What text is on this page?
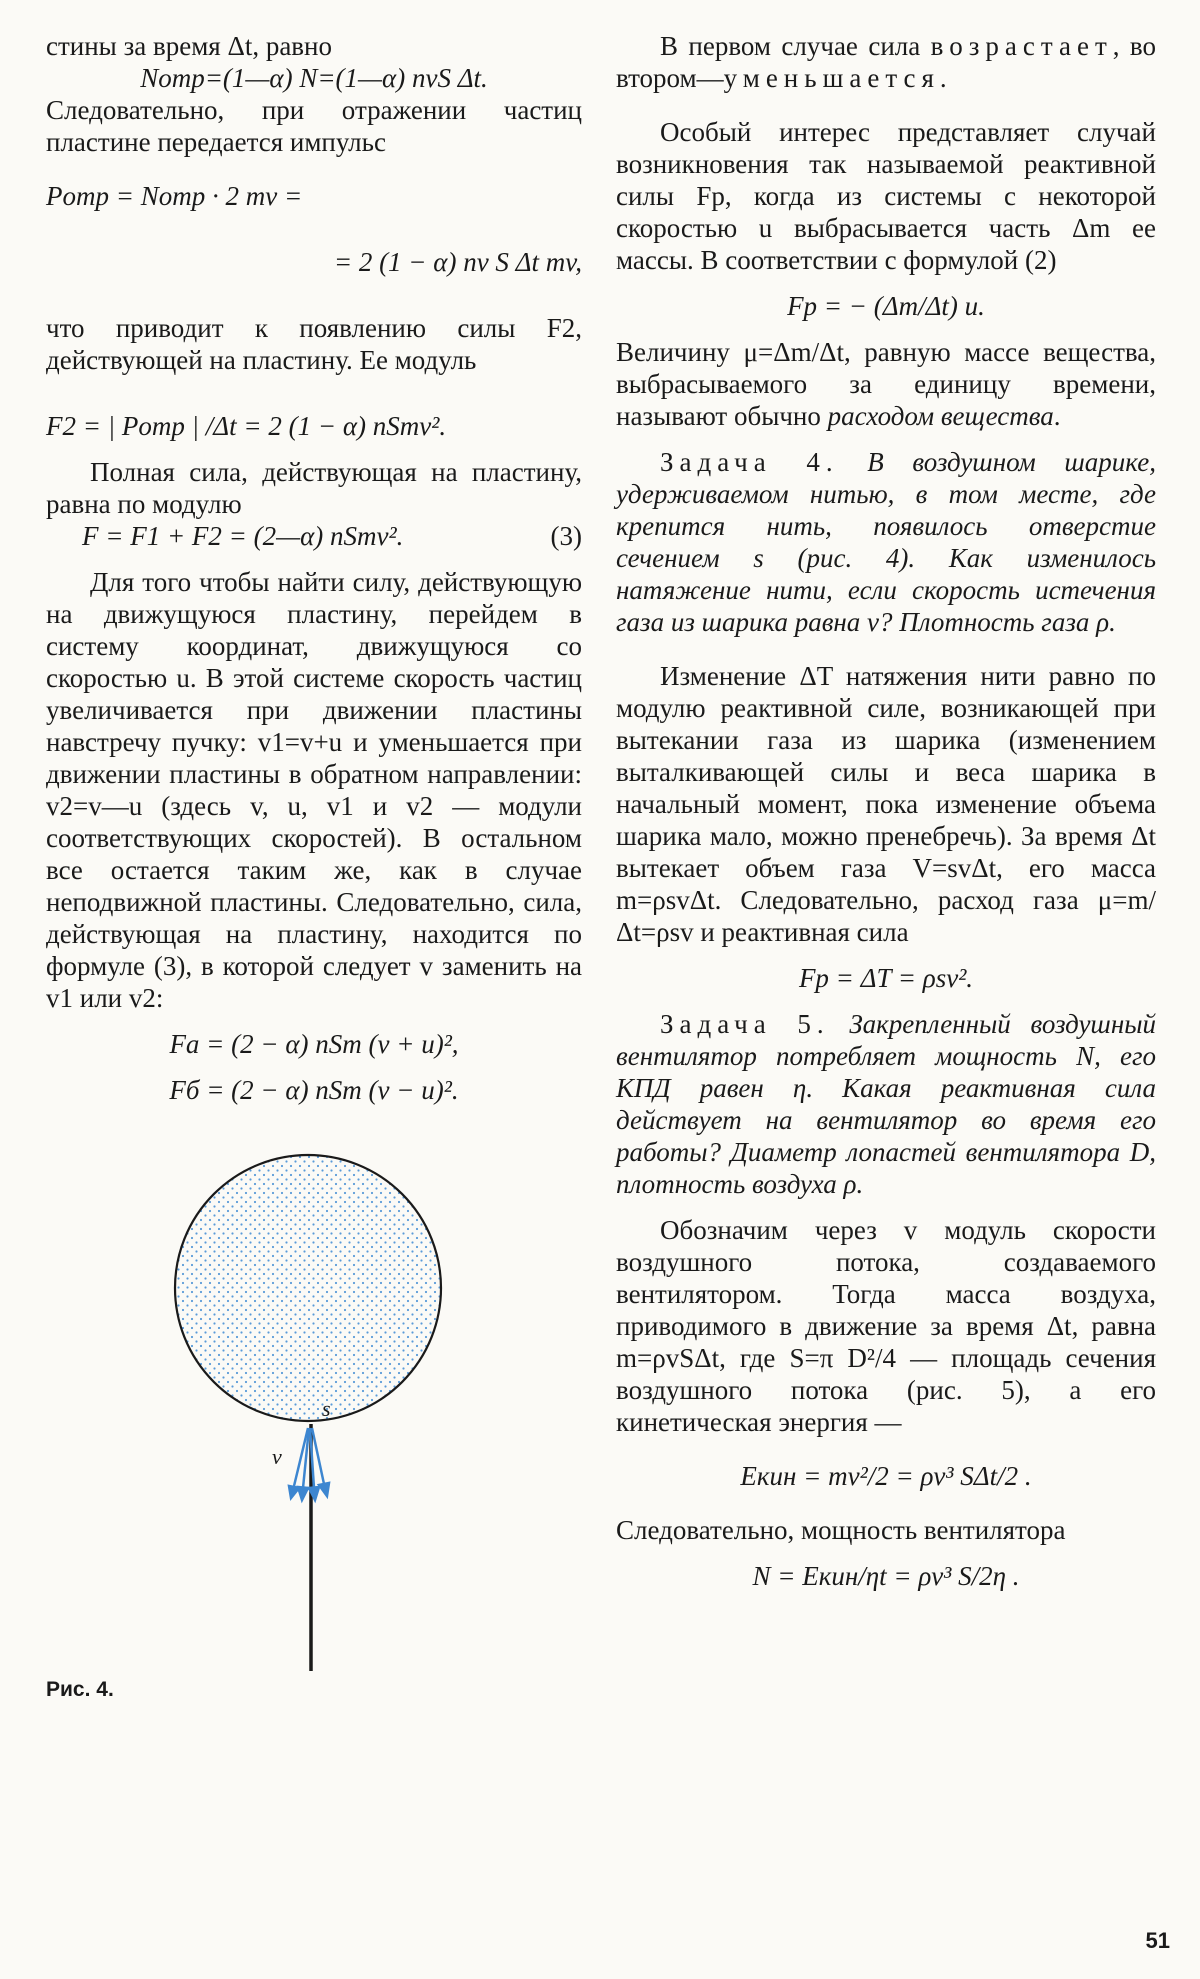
стины за время Δt, равно

Nотр=(1—α) N=(1—α) nvS Δt.

Следовательно, при отражении частиц пластине передается импульс

Pотр = Nотр · 2 mv =

= 2 (1 − α) nv S Δt mv,

что приводит к появлению силы F2, действующей на пластину. Ее модуль

F2 = | Pотр | /Δt = 2 (1 − α) nSmv².

Полная сила, действующая на пластину, равна по модулю

F = F1 + F2 = (2—α) nSmv².	(3)

Для того чтобы найти силу, действующую на движущуюся пластину, перейдем в систему координат, движущуюся со скоростью u. В этой системе скорость частиц увеличивается при движении пластины навстречу пучку: v1=v+u и уменьшается при движении пластины в обратном направлении: v2=v—u (здесь v, u, v1 и v2 — модули соответствующих скоростей). В остальном все остается таким же, как в случае неподвижной пластины. Следовательно, сила, действующая на пластину, находится по формуле (3), в которой следует v заменить на v1 или v2:

Fa = (2 − α) nSm (v + u)²,

Fб = (2 − α) nSm (v − u)².

s
v
Рис. 4.

В первом случае сила возрастает, во втором—уменьшается.

Особый интерес представляет случай возникновения так называемой реактивной силы Fр, когда из системы с некоторой скоростью u выбрасывается часть Δm ее массы. В соответствии с формулой (2)

Fр = − (Δm/Δt) u.

Величину μ=Δm/Δt, равную массе вещества, выбрасываемого за единицу времени, называют обычно расходом вещества.

Задача 4. В воздушном шарике, удерживаемом нитью, в том месте, где крепится нить, появилось отверстие сечением s (рис. 4). Как изменилось натяжение нити, если скорость истечения газа из шарика равна v? Плотность газа ρ.

Изменение ΔT натяжения нити равно по модулю реактивной силе, возникающей при вытекании газа из шарика (изменением выталкивающей силы и веса шарика в начальный момент, пока изменение объема шарика мало, можно пренебречь). За время Δt вытекает объем газа V=svΔt, его масса m=ρsvΔt. Следовательно, расход газа μ=m/Δt=ρsv и реактивная сила

Fр = ΔT = ρsv².

Задача 5. Закрепленный воздушный вентилятор потребляет мощность N, его КПД равен η. Какая реактивная сила действует на вентилятор во время его работы? Диаметр лопастей вентилятора D, плотность воздуха ρ.

Обозначим через v модуль скорости воздушного потока, создаваемого вентилятором. Тогда масса воздуха, приводимого в движение за время Δt, равна m=ρvSΔt, где S=π D²/4 — площадь сечения воздушного потока (рис. 5), а его кинетическая энергия —

Eкин = mv²/2 = ρv³ SΔt/2 .

Следовательно, мощность вентилятора

N = Eкин/ηt = ρv³ S/2η .

51
